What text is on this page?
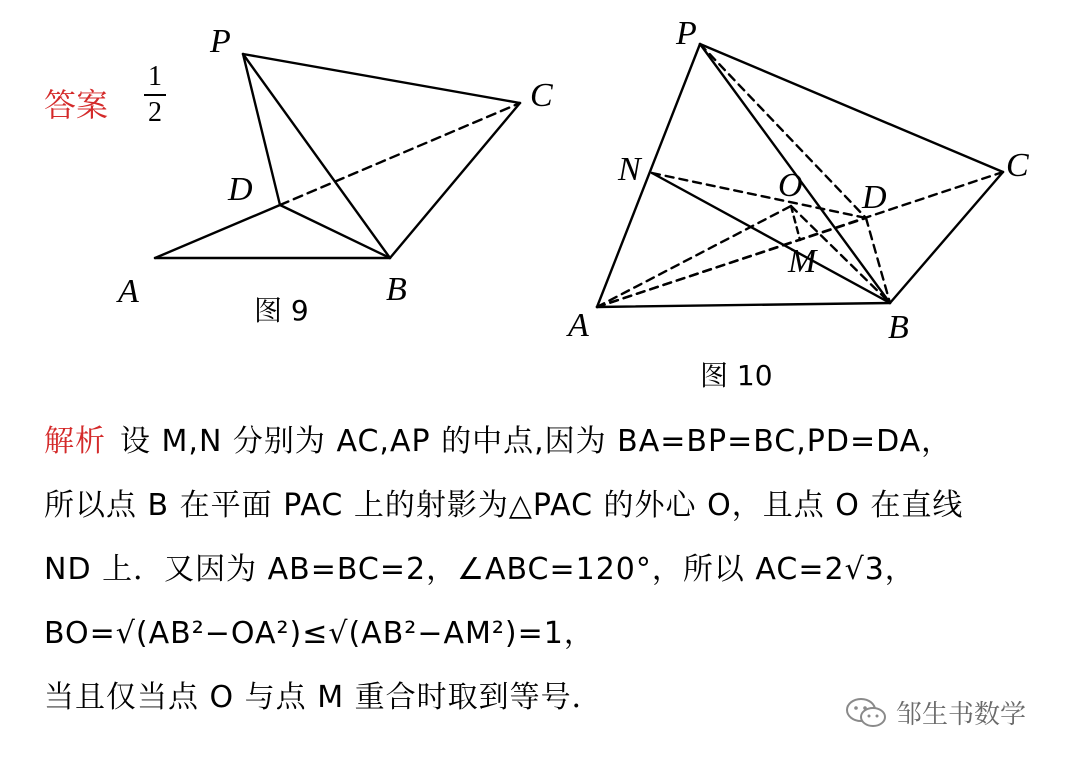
答案 $\frac{1}{2}$
P
C
D
A	B
图 9
P
N	O D
C
M
A	B
图 10
解析 设 M,N 分别为 AC,AP 的中点,因为 BA=BP=BC,PD=DA，
所以点 B 在平面 PAC 上的射影为△PAC 的外心 O，且点 O 在直线
ND 上．又因为 AB=BC=2，∠ABC=120°，所以 AC=2√3，
BO=√(AB²−OA²)≤√(AB²−AM²)=1，
当且仅当点 O 与点 M 重合时取到等号．	邹生书数学
